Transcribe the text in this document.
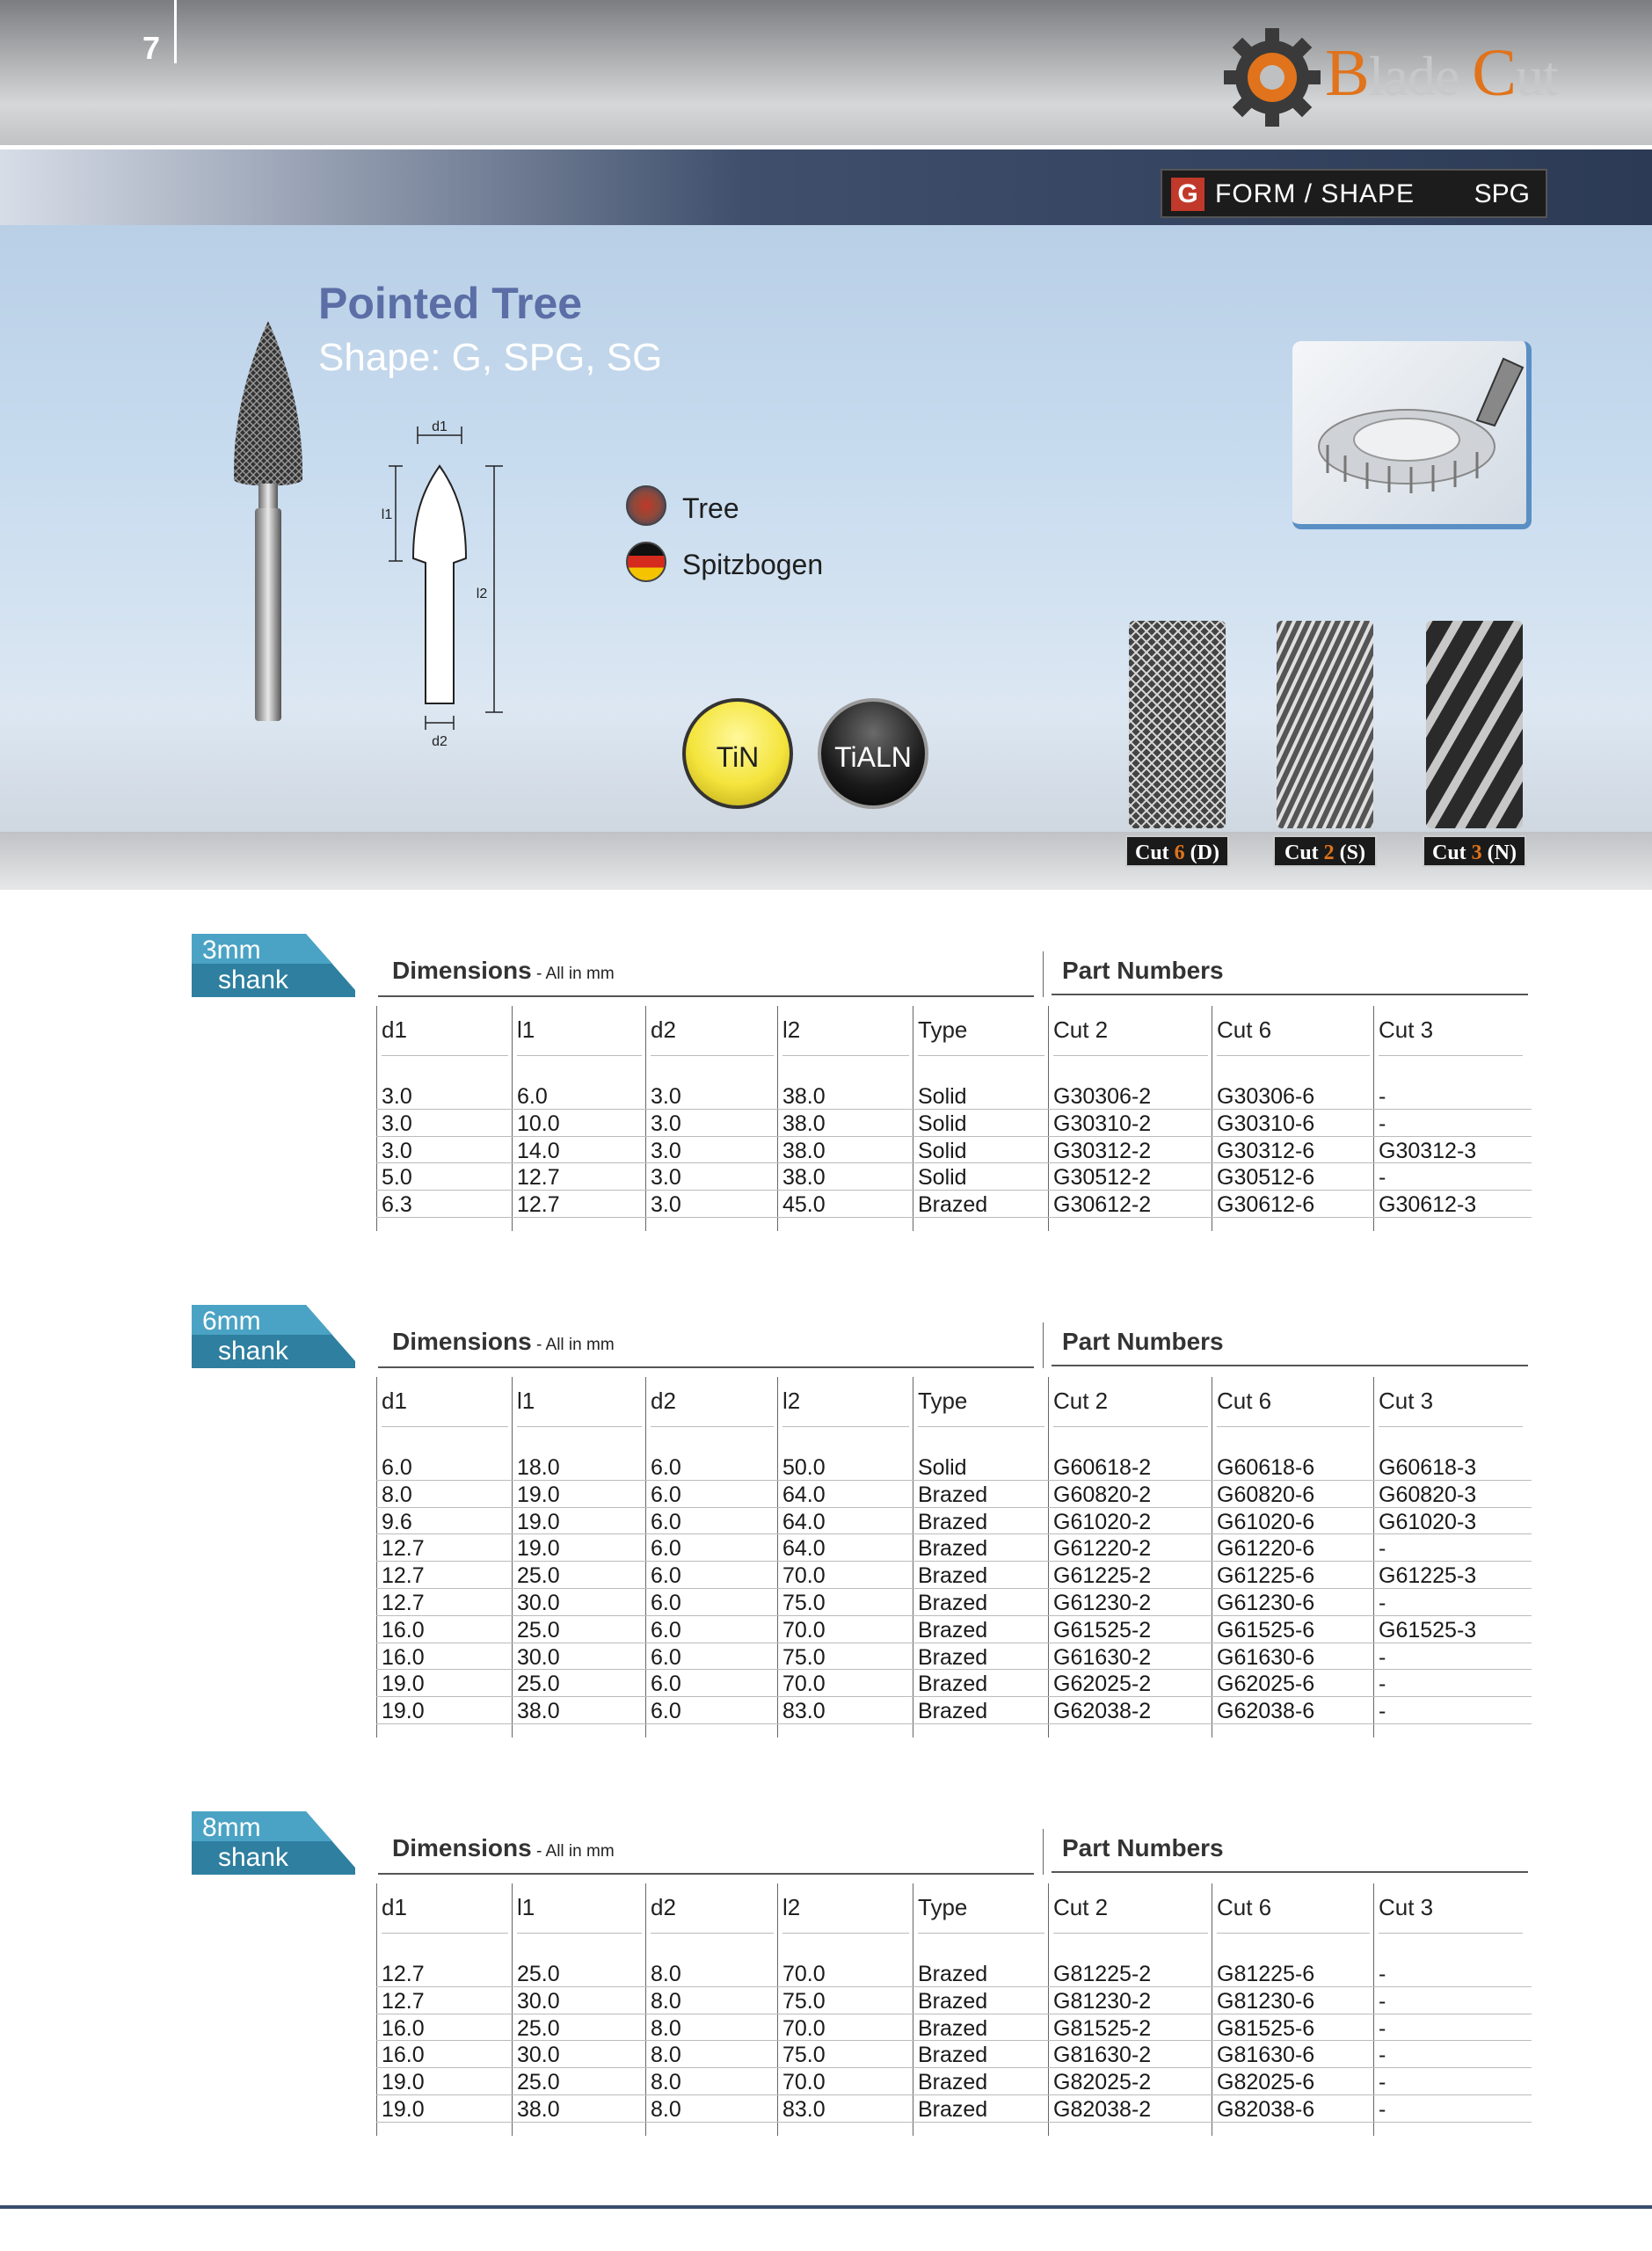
7	Blade Cut
G FORM / SHAPE SPG
Pointed Tree
Shape: G, SPG, SG
d1
l1
l2
d2
Tree
Spitzbogen
TiN	TiALN
Cut 6 (D)	Cut 2 (S)	Cut 3 (N)
3mm
shank	Dimensions - All in mm	Part Numbers
d1	l1	d2	l2	Type	Cut 2	Cut 6	Cut 3
3.0	6.0	3.0	38.0	Solid	G30306-2	G30306-6	-
3.0	10.0	3.0	38.0	Solid	G30310-2	G30310-6	-
3.0	14.0	3.0	38.0	Solid	G30312-2	G30312-6	G30312-3
5.0	12.7	3.0	38.0	Solid	G30512-2	G30512-6	-
6.3	12.7	3.0	45.0	Brazed	G30612-2	G30612-6	G30612-3
6mm
shank	Dimensions - All in mm	Part Numbers
d1	l1	d2	l2	Type	Cut 2	Cut 6	Cut 3
6.0	18.0	6.0	50.0	Solid	G60618-2	G60618-6	G60618-3
8.0	19.0	6.0	64.0	Brazed	G60820-2	G60820-6	G60820-3
9.6	19.0	6.0	64.0	Brazed	G61020-2	G61020-6	G61020-3
12.7	19.0	6.0	64.0	Brazed	G61220-2	G61220-6	-
12.7	25.0	6.0	70.0	Brazed	G61225-2	G61225-6	G61225-3
12.7	30.0	6.0	75.0	Brazed	G61230-2	G61230-6	-
16.0	25.0	6.0	70.0	Brazed	G61525-2	G61525-6	G61525-3
16.0	30.0	6.0	75.0	Brazed	G61630-2	G61630-6	-
19.0	25.0	6.0	70.0	Brazed	G62025-2	G62025-6	-
19.0	38.0	6.0	83.0	Brazed	G62038-2	G62038-6	-
8mm
shank	Dimensions - All in mm	Part Numbers
d1	l1	d2	l2	Type	Cut 2	Cut 6	Cut 3
12.7	25.0	8.0	70.0	Brazed	G81225-2	G81225-6	-
12.7	30.0	8.0	75.0	Brazed	G81230-2	G81230-6	-
16.0	25.0	8.0	70.0	Brazed	G81525-2	G81525-6	-
16.0	30.0	8.0	75.0	Brazed	G81630-2	G81630-6	-
19.0	25.0	8.0	70.0	Brazed	G82025-2	G82025-6	-
19.0	38.0	8.0	83.0	Brazed	G82038-2	G82038-6	-
